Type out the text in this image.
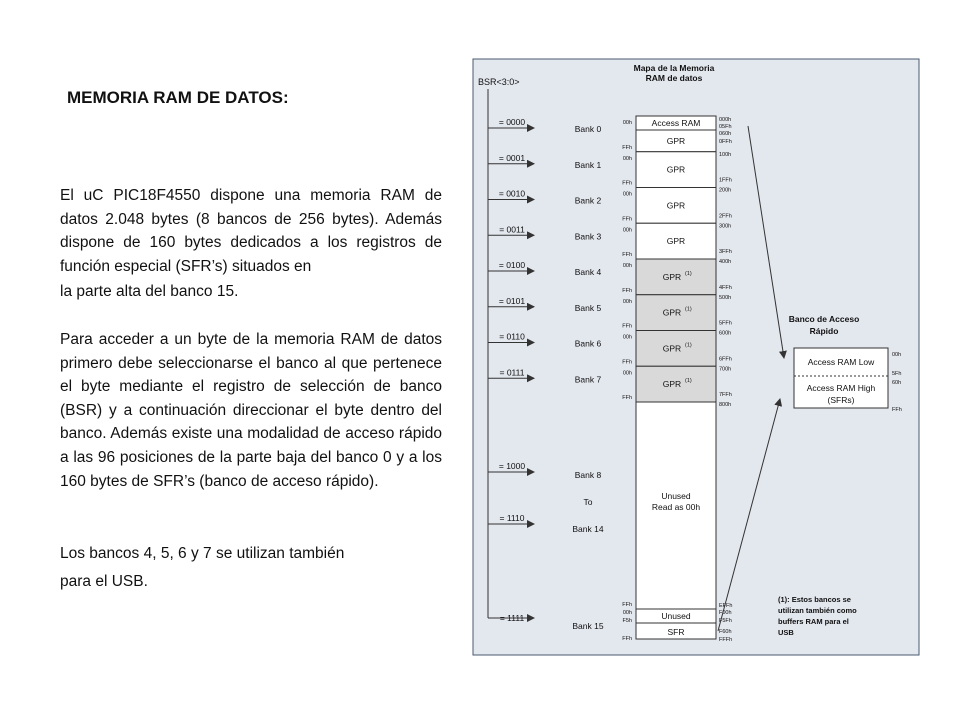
MEMORIA RAM DE DATOS:
El uC PIC18F4550 dispone una memoria RAM de datos 2.048 bytes (8 bancos de 256 bytes). Además dispone de 160 bytes dedicados a los registros de función especial (SFR’s) situados en
la parte alta del banco 15.
Para acceder a un byte de la memoria RAM de datos primero debe seleccionarse el banco al que pertenece el byte mediante el registro de selección de banco (BSR) y a continuación direccionar el byte dentro del banco. Además existe una modalidad de acceso rápido a las 96 posiciones de la parte baja del banco 0 y a los 160 bytes de SFR’s (banco de acceso rápido).
Los bancos 4, 5, 6 y 7 se utilizan también
para el USB.
Mapa de la Memoria
RAM de datos
BSR<3:0>
Access RAM
GPR
= 0000
Bank 0
00h
FFh
GPR
= 0001
Bank 1
00h
FFh
GPR
= 0010
Bank 2
00h
FFh
GPR
= 0011
Bank 3
00h
FFh
GPR (1)
= 0100
Bank 4
00h
FFh
GPR (1)
= 0101
Bank 5
00h
FFh
GPR (1)
= 0110
Bank 6
00h
FFh
GPR (1)
= 0111
Bank 7
00h
FFh
000h
05Fh
060h
0FFh
100h
1FFh
200h
2FFh
300h
3FFh
400h
4FFh
500h
5FFh
600h
6FFh
700h
7FFh
800h
Unused
Read as 00h
= 1000
= 1110
Bank 8
To
Bank 14
Unused
SFR
= 1111
Bank 15
FFh
00h
F5h
FFh
EFFh
F00h
F5Fh
F60h
FFFh
Banco de Acceso
Rápido
Access RAM Low
Access RAM High
(SFRs)
00h
5Fh
60h
FFh
(1): Estos bancos se
utilizan también como
buffers RAM para el
USB
